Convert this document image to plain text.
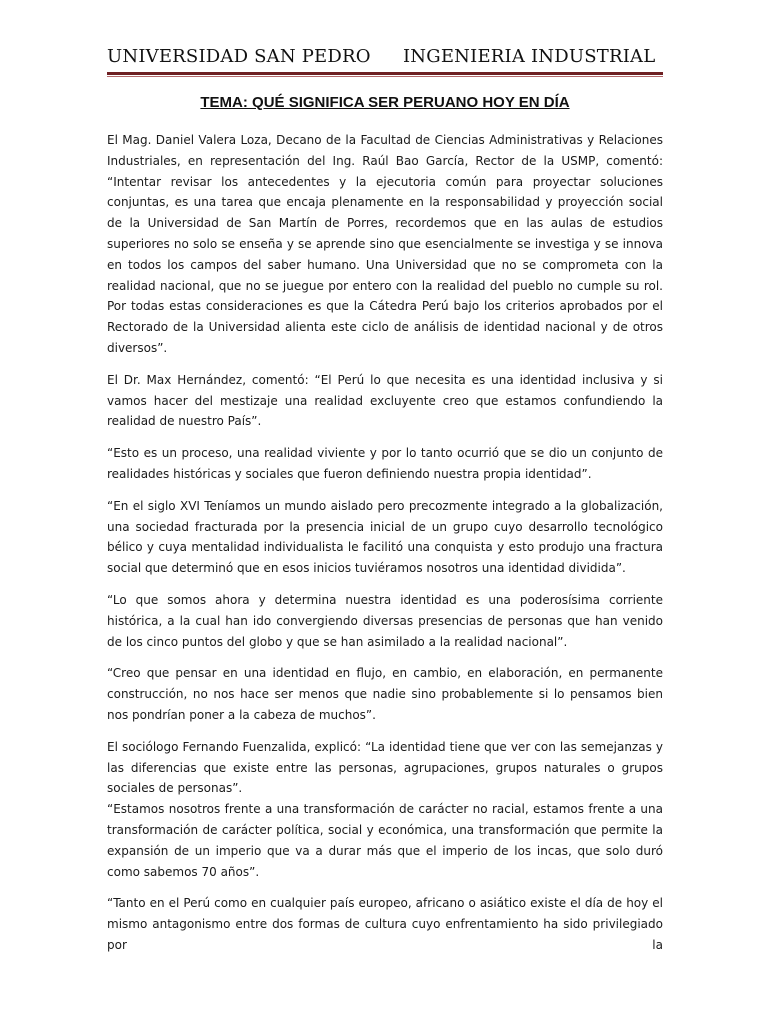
UNIVERSIDAD SAN PEDRO INGENIERIA INDUSTRIAL
TEMA: QUÉ SIGNIFICA SER PERUANO HOY EN DÍA

El Mag. Daniel Valera Loza, Decano de la Facultad de Ciencias Administrativas y Relaciones Industriales, en representación del Ing. Raúl Bao García, Rector de la USMP, comentó: “Intentar revisar los antecedentes y la ejecutoria común para proyectar soluciones conjuntas, es una tarea que encaja plenamente en la responsabilidad y proyección social de la Universidad de San Martín de Porres, recordemos que en las aulas de estudios superiores no solo se enseña y se aprende sino que esencialmente se investiga y se innova en todos los campos del saber humano. Una Universidad que no se comprometa con la realidad nacional, que no se juegue por entero con la realidad del pueblo no cumple su rol. Por todas estas consideraciones es que la Cátedra Perú bajo los criterios aprobados por el Rectorado de la Universidad alienta este ciclo de análisis de identidad nacional y de otros diversos”.

El Dr. Max Hernández, comentó: “El Perú lo que necesita es una identidad inclusiva y si vamos hacer del mestizaje una realidad excluyente creo que estamos confundiendo la realidad de nuestro País”.

“Esto es un proceso, una realidad viviente y por lo tanto ocurrió que se dio un conjunto de realidades históricas y sociales que fueron definiendo nuestra propia identidad”.

“En el siglo XVI Teníamos un mundo aislado pero precozmente integrado a la globalización, una sociedad fracturada por la presencia inicial de un grupo cuyo desarrollo tecnológico bélico y cuya mentalidad individualista le facilitó una conquista y esto produjo una fractura social que determinó que en esos inicios tuviéramos nosotros una identidad dividida”.

“Lo que somos ahora y determina nuestra identidad es una poderosísima corriente histórica, a la cual han ido convergiendo diversas presencias de personas que han venido de los cinco puntos del globo y que se han asimilado a la realidad nacional”.

“Creo que pensar en una identidad en flujo, en cambio, en elaboración, en permanente construcción, no nos hace ser menos que nadie sino probablemente si lo pensamos bien nos pondrían poner a la cabeza de muchos”.

El sociólogo Fernando Fuenzalida, explicó: “La identidad tiene que ver con las semejanzas y las diferencias que existe entre las personas, agrupaciones, grupos naturales o grupos sociales de personas”.

“Estamos nosotros frente a una transformación de carácter no racial, estamos frente a una transformación de carácter política, social y económica, una transformación que permite la expansión de un imperio que va a durar más que el imperio de los incas, que solo duró como sabemos 70 años”.

“Tanto en el Perú como en cualquier país europeo, africano o asiático existe el día de hoy el mismo antagonismo entre dos formas de cultura cuyo enfrentamiento ha sido privilegiado por la
